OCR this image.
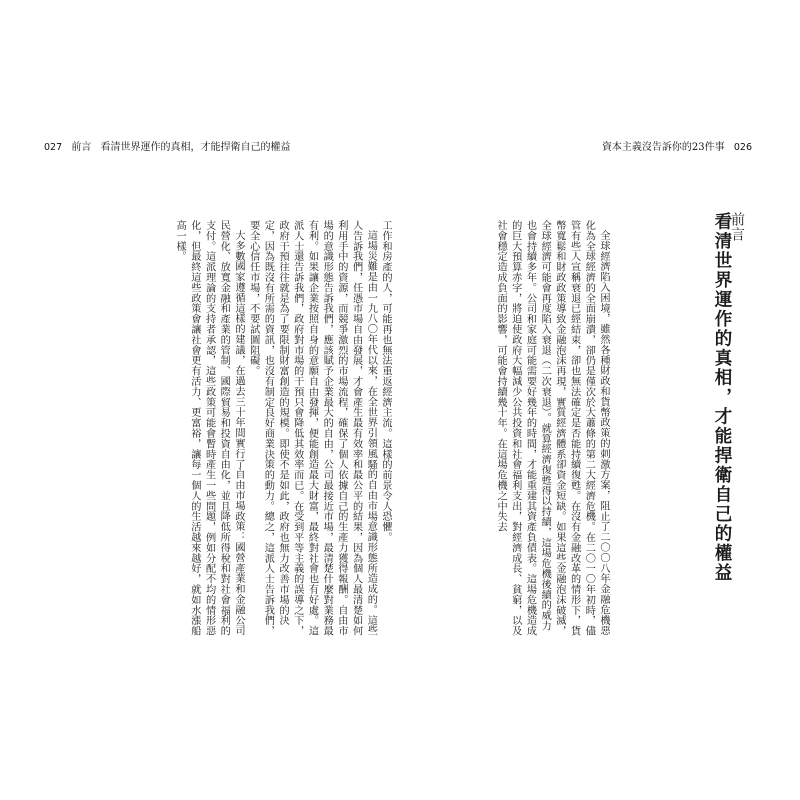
027 前言 看清世界運作的真相，才能捍衛自己的權益	資本主義沒告訴你的23件事 026
前言
看清世界運作的真相，才能捍衛自己的權益

全球經濟陷入困境，雖然各種財政和貨幣政策的刺激方案，阻止了二〇〇八年金融危機惡化為全球經濟的全面崩潰，卻仍是僅次於大蕭條的第二大經濟危機。在二〇一〇年初時，儘管有些人宣稱衰退已經結束，卻也無法確定是否能持續復甦。在沒有金融改革的情形下，貨幣寬鬆和財政政策導致金融泡沫再現，實質經濟體系卻資金短缺。如果這些金融泡沫破滅，全球經濟可能會再度陷入衰退（二次衰退）。就算經濟復甦得以持續，這場危機後續的威力也會持續多年。公司和家庭可能需要好幾年的時間，才能重建其資產負債表。這場危機造成的巨大預算赤字，將迫使政府大幅減少公共投資和社會福利支出，對經濟成長、貧窮，以及社會穩定造成負面的影響，可能會持續幾十年。在這場危機之中失去

工作和房產的人，可能再也無法重返經濟主流。這樣的前景令人恐懼。

這場災難是由一九八〇年代以來，在全世界引領風騷的自由市場意識形態所造成的。這些人告訴我們，任憑市場自由發展，才會產生最有效率和最公平的結果，因為個人最清楚如何利用手中的資源，而競爭激烈的市場流程，確保了個人依據自己的生產力獲得報酬。自由市場的意識形態告訴我們，應該賦予企業最大的自由，公司最接近市場，最清楚什麼對業務最有利。如果讓企業按照自身的意願自由發揮，便能創造最大財富，最終對社會也有好處。這派人士還告訴我們，政府對市場的干預只會降低其效率而已。在受到平等主義的誤導之下，政府干預往往就是為了要限制財富創造的規模。即使不是如此，政府也無力改善市場的決定，因為既沒有所需的資訊，也沒有制定良好商業決策的動力。總之，這派人士告訴我們，要全心信任市場，不要試圖阻礙。

大多數國家遵循這樣的建議，在過去三十年間實行了自由市場政策：國營產業和金融公司民營化、放寬金融和產業的管制、國際貿易和投資自由化，並且降低所得稅和對社會福利的支付。這派理論的支持者承認，這些政策可能會暫時產生一些問題，例如分配不均的情形惡化，但最終這些政策會讓社會更有活力、更富裕，讓每一個人的生活越來越好，就如水漲船高一樣。
